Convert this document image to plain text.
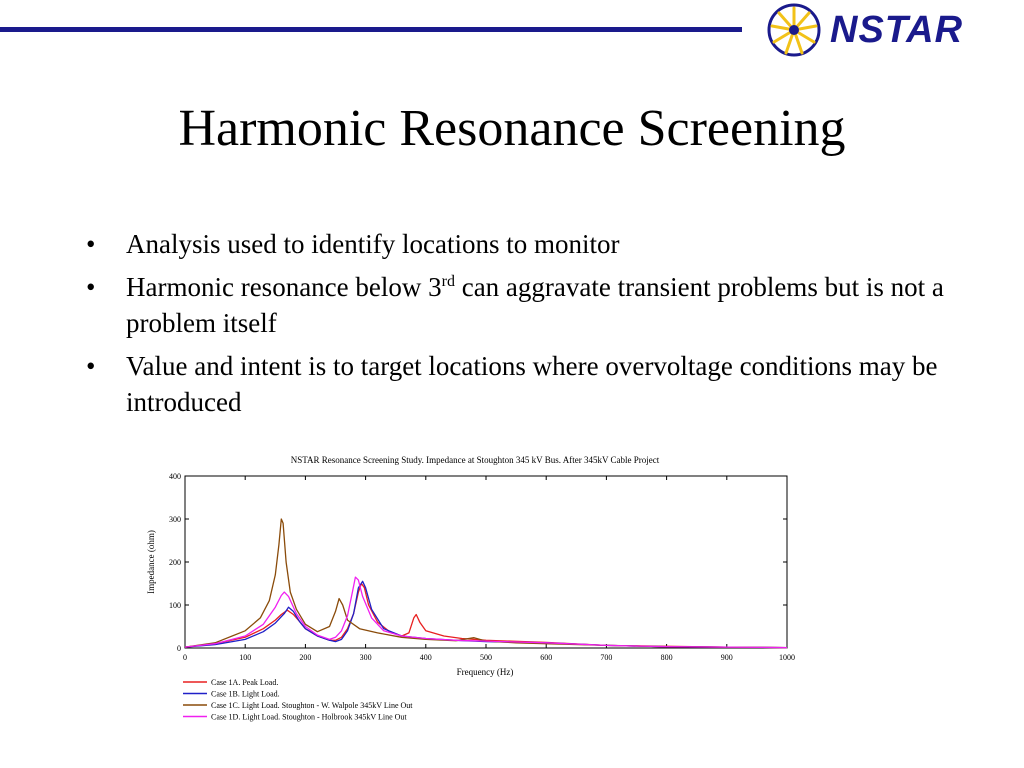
NSTAR
Harmonic Resonance Screening
• Analysis used to identify locations to monitor
• Harmonic resonance below 3rd can aggravate transient problems but is not a problem itself
• Value and intent is to target locations where overvoltage conditions may be introduced
NSTAR Resonance Screening Study. Impedance at Stoughton 345 kV Bus. After 345kV Cable Project
0
100
200
300
400
0	100	200	300	400	500	600	700	800	900	1000
Impedance (ohm)
Frequency (Hz)
Case 1A. Peak Load.
Case 1B. Light Load.
Case 1C. Light Load. Stoughton - W. Walpole 345kV Line Out
Case 1D. Light Load. Stoughton - Holbrook 345kV Line Out
